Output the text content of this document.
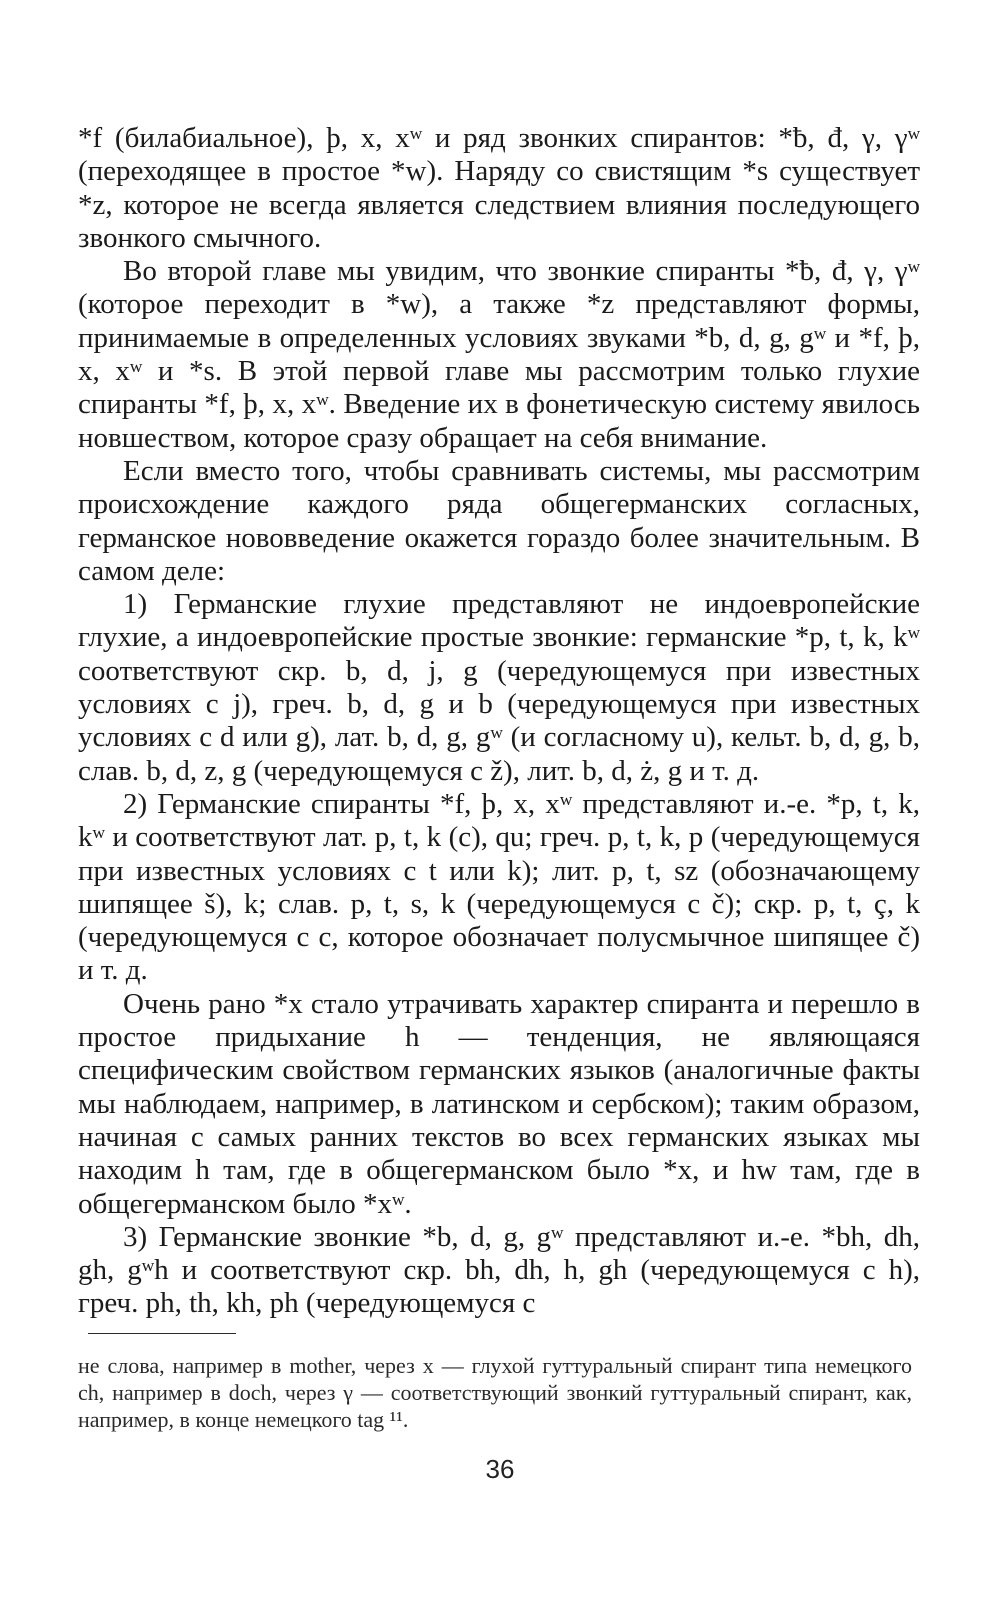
*f (билабиальное), þ, x, xʷ и ряд звонких спирантов: *ƀ, đ, γ, γʷ (переходящее в простое *w). Наряду со свистящим *s существует *z, которое не всегда является следствием влияния последующего звонкого смычного.

Во второй главе мы увидим, что звонкие спиранты *ƀ, đ, γ, γʷ (которое переходит в *w), а также *z представляют формы, принимаемые в определенных условиях звуками *b, d, g, gʷ и *f, þ, x, xʷ и *s. В этой первой главе мы рассмотрим только глухие спиранты *f, þ, x, xʷ. Введение их в фонетическую систему явилось новшеством, которое сразу обращает на себя внимание.

Если вместо того, чтобы сравнивать системы, мы рассмотрим происхождение каждого ряда общегерманских согласных, германское нововведение окажется гораздо более значительным. В самом деле:

1) Германские глухие представляют не индоевропейские глухие, а индоевропейские простые звонкие: германские *p, t, k, kʷ соответствуют скр. b, d, j, g (чередующемуся при известных условиях с j), греч. b, d, g и b (чередующемуся при известных условиях с d или g), лат. b, d, g, gʷ (и согласному u), кельт. b, d, g, b, слав. b, d, z, g (чередующемуся с ž), лит. b, d, ż, g и т. д.

2) Германские спиранты *f, þ, x, xʷ представляют и.-е. *p, t, k, kʷ и соответствуют лат. p, t, k (c), qu; греч. p, t, k, p (чередующемуся при известных условиях с t или k); лит. p, t, sz (обозначающему шипящее š), k; слав. p, t, s, k (чередующемуся с č); скр. p, t, ç, k (чередующемуся с c, которое обозначает полусмычное шипящее č) и т. д.

Очень рано *x стало утрачивать характер спиранта и перешло в простое придыхание h — тенденция, не являющаяся специфическим свойством германских языков (аналогичные факты мы наблюдаем, например, в латинском и сербском); таким образом, начиная с самых ранних текстов во всех германских языках мы находим h там, где в общегерманском было *x, и hw там, где в общегерманском было *xʷ.

3) Германские звонкие *b, d, g, gʷ представляют и.-е. *bh, dh, gh, gʷh и соответствуют скр. bh, dh, h, gh (чередующемуся с h), греч. ph, th, kh, ph (чередующемуся с

не слова, например в mother, через x — глухой гуттуральный спирант типа немецкого ch, например в doch, через γ — соответствующий звонкий гуттуральный спирант, как, например, в конце немецкого tag ¹¹.

36
